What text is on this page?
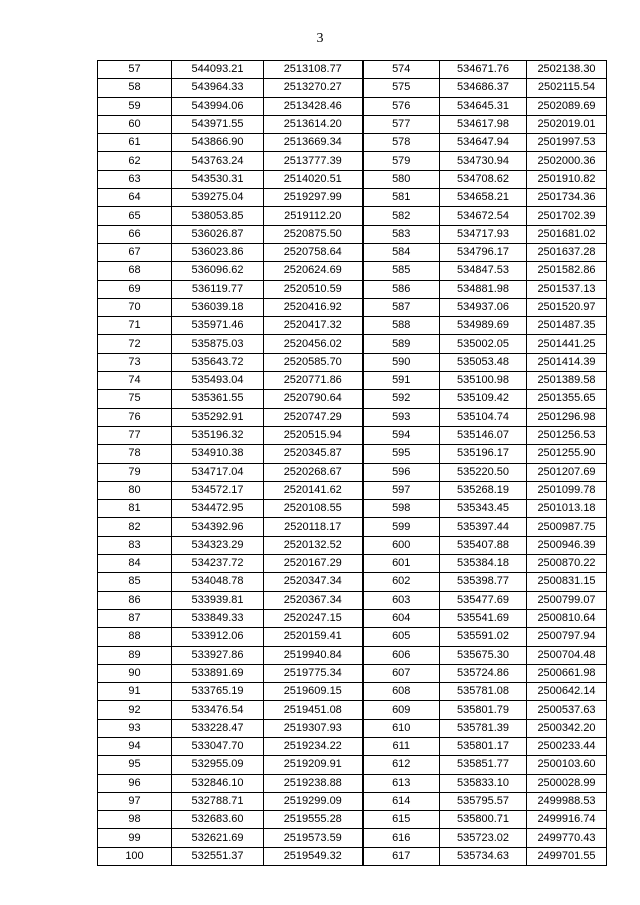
3
57	544093.21	2513108.77	574	534671.76	2502138.30
58	543964.33	2513270.27	575	534686.37	2502115.54
59	543994.06	2513428.46	576	534645.31	2502089.69
60	543971.55	2513614.20	577	534617.98	2502019.01
61	543866.90	2513669.34	578	534647.94	2501997.53
62	543763.24	2513777.39	579	534730.94	2502000.36
63	543530.31	2514020.51	580	534708.62	2501910.82
64	539275.04	2519297.99	581	534658.21	2501734.36
65	538053.85	2519112.20	582	534672.54	2501702.39
66	536026.87	2520875.50	583	534717.93	2501681.02
67	536023.86	2520758.64	584	534796.17	2501637.28
68	536096.62	2520624.69	585	534847.53	2501582.86
69	536119.77	2520510.59	586	534881.98	2501537.13
70	536039.18	2520416.92	587	534937.06	2501520.97
71	535971.46	2520417.32	588	534989.69	2501487.35
72	535875.03	2520456.02	589	535002.05	2501441.25
73	535643.72	2520585.70	590	535053.48	2501414.39
74	535493.04	2520771.86	591	535100.98	2501389.58
75	535361.55	2520790.64	592	535109.42	2501355.65
76	535292.91	2520747.29	593	535104.74	2501296.98
77	535196.32	2520515.94	594	535146.07	2501256.53
78	534910.38	2520345.87	595	535196.17	2501255.90
79	534717.04	2520268.67	596	535220.50	2501207.69
80	534572.17	2520141.62	597	535268.19	2501099.78
81	534472.95	2520108.55	598	535343.45	2501013.18
82	534392.96	2520118.17	599	535397.44	2500987.75
83	534323.29	2520132.52	600	535407.88	2500946.39
84	534237.72	2520167.29	601	535384.18	2500870.22
85	534048.78	2520347.34	602	535398.77	2500831.15
86	533939.81	2520367.34	603	535477.69	2500799.07
87	533849.33	2520247.15	604	535541.69	2500810.64
88	533912.06	2520159.41	605	535591.02	2500797.94
89	533927.86	2519940.84	606	535675.30	2500704.48
90	533891.69	2519775.34	607	535724.86	2500661.98
91	533765.19	2519609.15	608	535781.08	2500642.14
92	533476.54	2519451.08	609	535801.79	2500537.63
93	533228.47	2519307.93	610	535781.39	2500342.20
94	533047.70	2519234.22	611	535801.17	2500233.44
95	532955.09	2519209.91	612	535851.77	2500103.60
96	532846.10	2519238.88	613	535833.10	2500028.99
97	532788.71	2519299.09	614	535795.57	2499988.53
98	532683.60	2519555.28	615	535800.71	2499916.74
99	532621.69	2519573.59	616	535723.02	2499770.43
100	532551.37	2519549.32	617	535734.63	2499701.55
